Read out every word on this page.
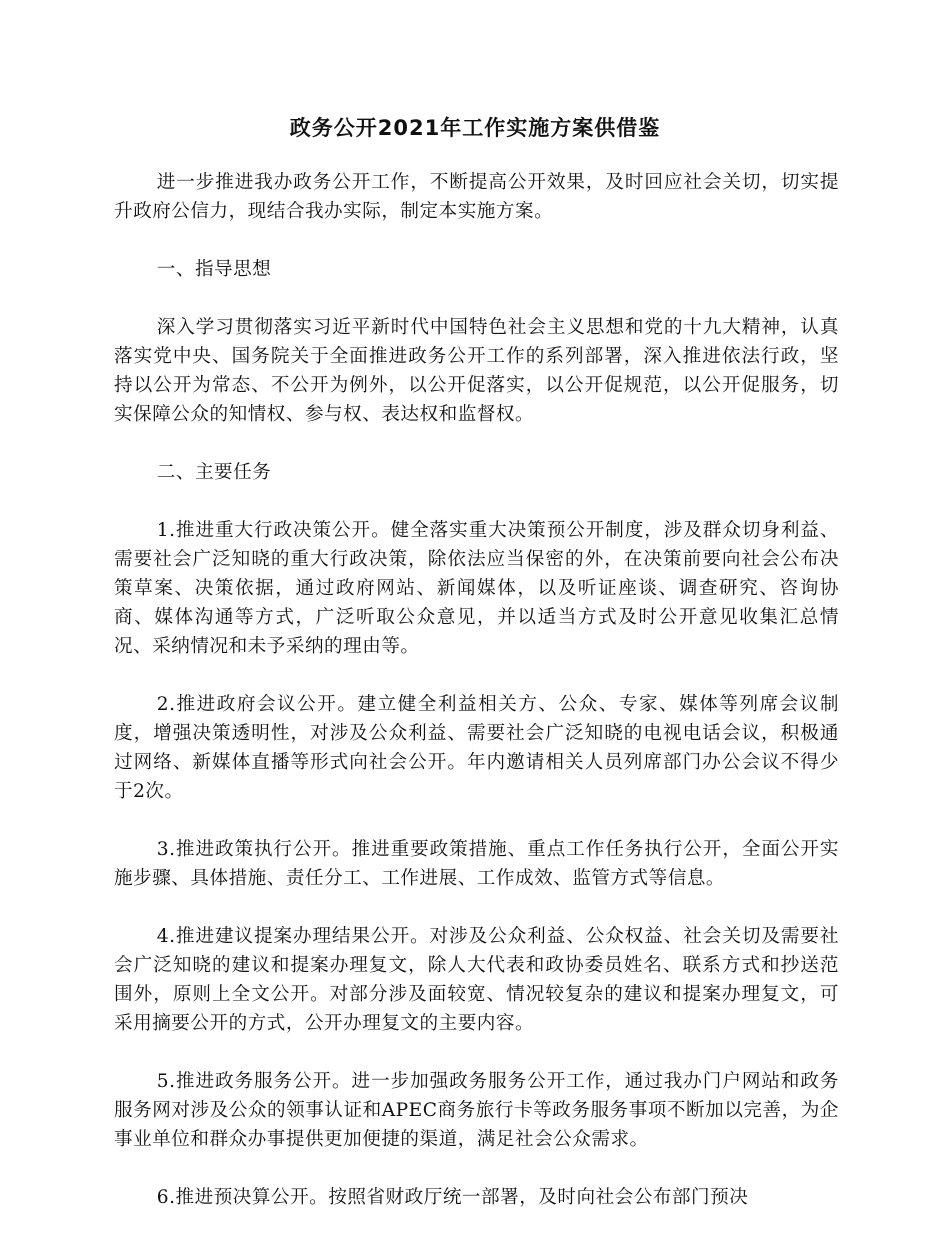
政务公开2021年工作实施方案供借鉴

进一步推进我办政务公开工作，不断提高公开效果，及时回应社会关切，切实提升政府公信力，现结合我办实际，制定本实施方案。

一、指导思想

深入学习贯彻落实习近平新时代中国特色社会主义思想和党的十九大精神，认真落实党中央、国务院关于全面推进政务公开工作的系列部署，深入推进依法行政，坚持以公开为常态、不公开为例外，以公开促落实，以公开促规范，以公开促服务，切实保障公众的知情权、参与权、表达权和监督权。

二、主要任务

1.推进重大行政决策公开。健全落实重大决策预公开制度，涉及群众切身利益、需要社会广泛知晓的重大行政决策，除依法应当保密的外，在决策前要向社会公布决策草案、决策依据，通过政府网站、新闻媒体，以及听证座谈、调查研究、咨询协商、媒体沟通等方式，广泛听取公众意见，并以适当方式及时公开意见收集汇总情况、采纳情况和未予采纳的理由等。

2.推进政府会议公开。建立健全利益相关方、公众、专家、媒体等列席会议制度，增强决策透明性，对涉及公众利益、需要社会广泛知晓的电视电话会议，积极通过网络、新媒体直播等形式向社会公开。年内邀请相关人员列席部门办公会议不得少于2次。

3.推进政策执行公开。推进重要政策措施、重点工作任务执行公开，全面公开实施步骤、具体措施、责任分工、工作进展、工作成效、监管方式等信息。

4.推进建议提案办理结果公开。对涉及公众利益、公众权益、社会关切及需要社会广泛知晓的建议和提案办理复文，除人大代表和政协委员姓名、联系方式和抄送范围外，原则上全文公开。对部分涉及面较宽、情况较复杂的建议和提案办理复文，可采用摘要公开的方式，公开办理复文的主要内容。

5.推进政务服务公开。进一步加强政务服务公开工作，通过我办门户网站和政务服务网对涉及公众的领事认证和APEC商务旅行卡等政务服务事项不断加以完善，为企事业单位和群众办事提供更加便捷的渠道，满足社会公众需求。

6.推进预决算公开。按照省财政厅统一部署，及时向社会公布部门预决
